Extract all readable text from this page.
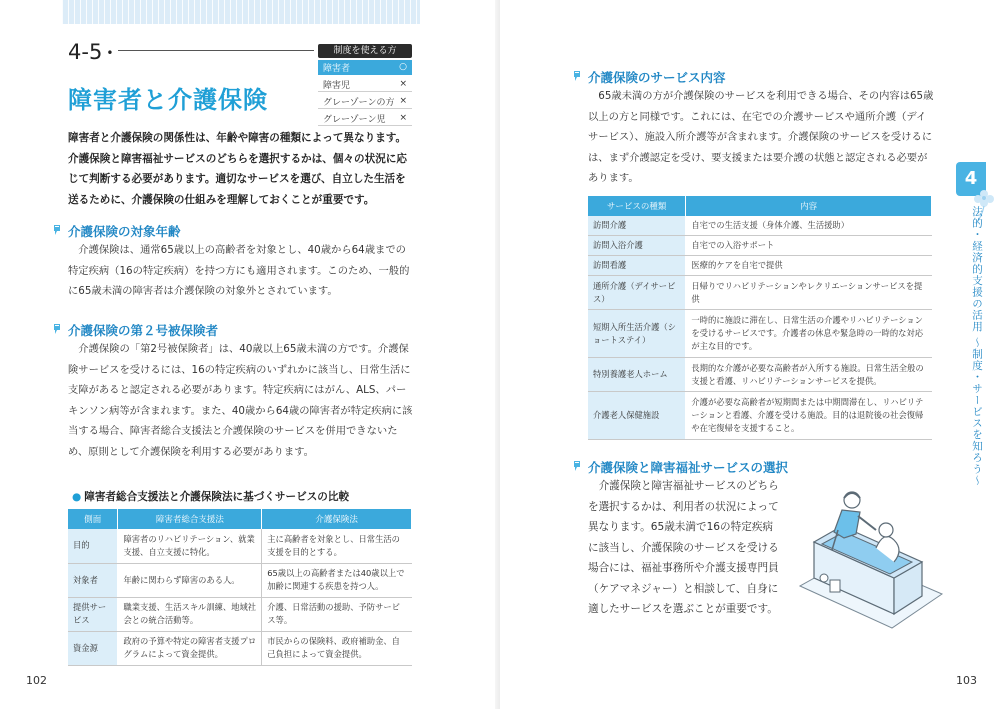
4-5 •
障害者と介護保険
制度を使える方
障害者	○
障害児	×
グレーゾーンの方 ×
グレーゾーン児 ×

障害者と介護保険の関係性は、年齢や障害の種類によって異なります。介護保険と障害福祉サービスのどちらを選択するかは、個々の状況に応じて判断する必要があります。適切なサービスを選び、自立した生活を送るために、介護保険の仕組みを理解しておくことが重要です。

介護保険の対象年齢

介護保険は、通常65歳以上の高齢者を対象とし、40歳から64歳までの特定疾病（16の特定疾病）を持つ方にも適用されます。このため、一般的に65歳未満の障害者は介護保険の対象外とされています。

介護保険の第２号被保険者

介護保険の「第2号被保険者」は、40歳以上65歳未満の方です。介護保険サービスを受けるには、16の特定疾病のいずれかに該当し、日常生活に支障があると認定される必要があります。特定疾病にはがん、ALS、パーキンソン病等が含まれます。また、40歳から64歳の障害者が特定疾病に該当する場合、障害者総合支援法と介護保険のサービスを併用できないため、原則として介護保険を利用する必要があります。

● 障害者総合支援法と介護保険法に基づくサービスの比較
側面	障害者総合支援法	介護保険法
目的	障害者のリハビリテーション、就業支援、自立支援に特化。	主に高齢者を対象とし、日常生活の支援を目的とする。
対象者	年齢に関わらず障害のある人。	65歳以上の高齢者または40歳以上で加齢に関連する疾患を持つ人。
提供サービス	職業支援、生活スキル訓練、地域社会との統合活動等。	介護、日常活動の援助、予防サービス等。
資金源	政府の予算や特定の障害者支援プログラムによって資金提供。	市民からの保険料、政府補助金、自己負担によって資金提供。
102
介護保険のサービス内容

65歳未満の方が介護保険のサービスを利用できる場合、その内容は65歳以上の方と同様です。これには、在宅での介護サービスや通所介護（デイサービス）、施設入所介護等が含まれます。介護保険のサービスを受けるには、まず介護認定を受け、要支援または要介護の状態と認定される必要があります。

サービスの種類	内容
訪問介護	自宅での生活支援（身体介護、生活援助）
訪問入浴介護	自宅での入浴サポート
訪問看護	医療的ケアを自宅で提供
通所介護（デイサービス）	日帰りでリハビリテーションやレクリエーションサービスを提供
短期入所生活介護（ショートステイ）	一時的に施設に滞在し、日常生活の介護やリハビリテーションを受けるサービスです。介護者の休息や緊急時の一時的な対応が主な目的です。
特別養護老人ホーム	長期的な介護が必要な高齢者が入所する施設。日常生活全般の支援と看護、リハビリテーションサービスを提供。
介護老人保健施設	介護が必要な高齢者が短期間または中期間滞在し、リハビリテーションと看護、介護を受ける施設。目的は退院後の社会復帰や在宅復帰を支援すること。
介護保険と障害福祉サービスの選択

介護保険と障害福祉サービスのどちらを選択するかは、利用者の状況によって異なります。65歳未満で16の特定疾病に該当し、介護保険のサービスを受ける場合には、福祉事務所や介護支援専門員（ケアマネジャー）と相談して、自身に適したサービスを選ぶことが重要です。

103
4
法的・経済的支援の活用 〜制度・サービスを知ろう〜
